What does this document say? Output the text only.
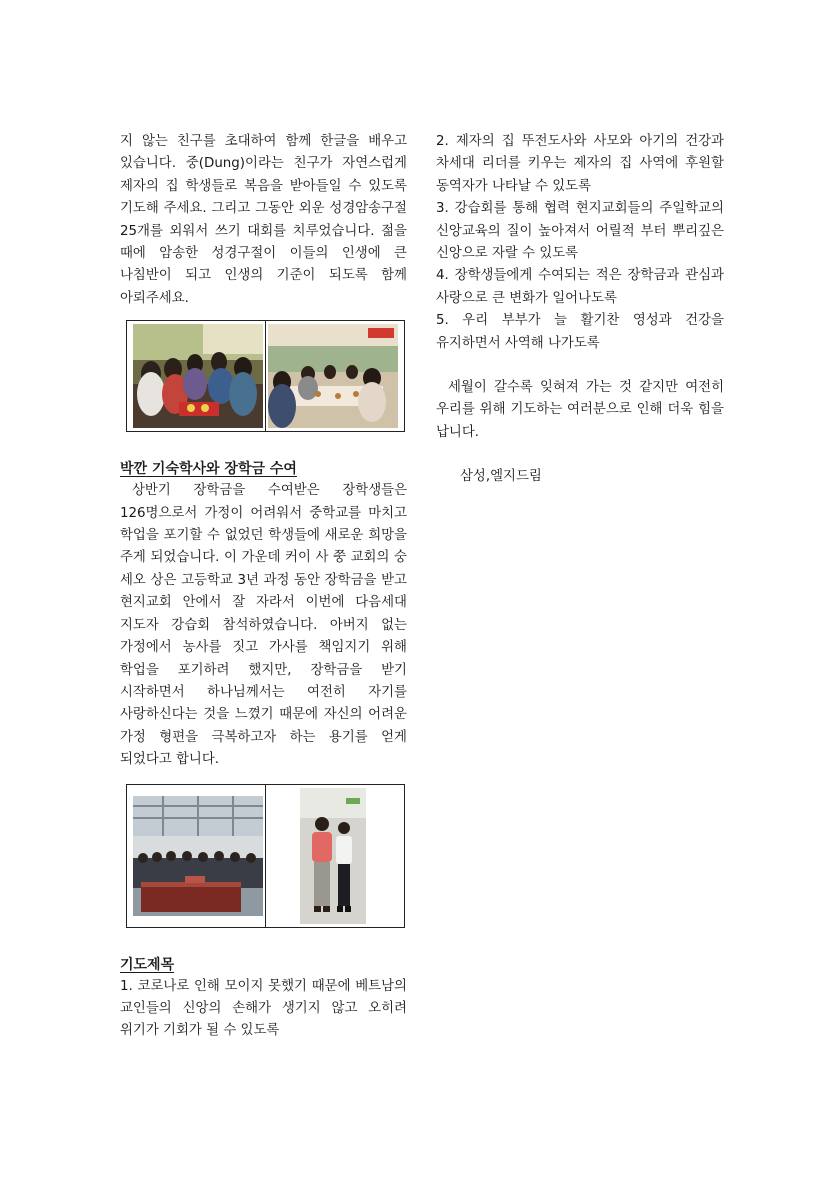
지 않는 친구를 초대하여 함께 한글을 배우고 있습니다. 중(Dung)이라는 친구가 자연스럽게 제자의 집 학생들로 복음을 받아들일 수 있도록 기도해 주세요. 그리고 그동안 외운 성경암송구절 25개를 외워서 쓰기 대회를 치루었습니다. 젊을 때에 암송한 성경구절이 이들의 인생에 큰 나침반이 되고 인생의 기준이 되도록 함께 아뢰주세요.

박깐 기숙학사와 장학금 수여

상반기 장학금을 수여받은 장학생들은 126명으로서 가정이 어려워서 중학교를 마치고 학업을 포기할 수 없었던 학생들에 새로운 희망을 주게 되었습니다. 이 가운데 커이 사 쭝 교회의 숭 세오 상은 고등학교 3년 과정 동안 장학금을 받고 현지교회 안에서 잘 자라서 이번에 다음세대 지도자 강습회 참석하였습니다. 아버지 없는 가정에서 농사를 짓고 가사를 책임지기 위해 학업을 포기하려 했지만, 장학금을 받기 시작하면서 하나님께서는 여전히 자기를 사랑하신다는 것을 느꼈기 때문에 자신의 어려운 가정 형편을 극복하고자 하는 용기를 얻게 되었다고 합니다.

기도제목

1. 코로나로 인해 모이지 못했기 때문에 베트남의 교인들의 신앙의 손해가 생기지 않고 오히려 위기가 기회가 될 수 있도록

2. 제자의 집 뚜전도사와 사모와 아기의 건강과 차세대 리더를 키우는 제자의 집 사역에 후원할 동역자가 나타날 수 있도록

3. 강습회를 통해 협력 현지교회들의 주일학교의 신앙교육의 질이 높아져서 어릴적 부터 뿌리깊은 신앙으로 자랄 수 있도록

4. 장학생들에게 수여되는 적은 장학금과 관심과 사랑으로 큰 변화가 일어나도록

5. 우리 부부가 늘 활기찬 영성과 건강을 유지하면서 사역해 나가도록

세월이 갈수록 잊혀져 가는 것 같지만 여전히 우리를 위해 기도하는 여러분으로 인해 더욱 힘을 납니다.

삼성,엘지드림
